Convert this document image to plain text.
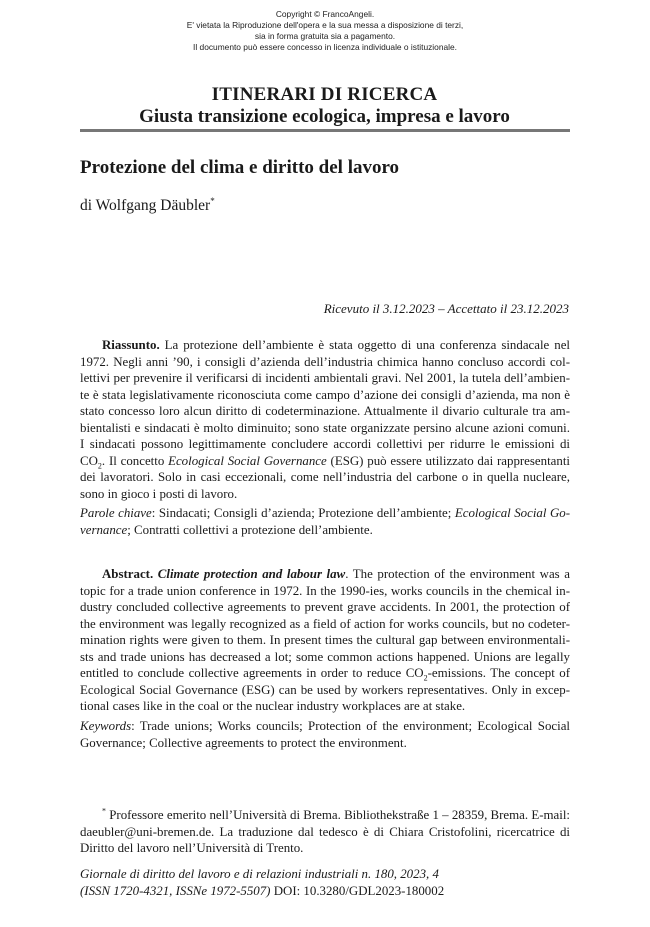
Copyright © FrancoAngeli.
E' vietata la Riproduzione dell'opera e la sua messa a disposizione di terzi,
sia in forma gratuita sia a pagamento.
Il documento può essere concesso in licenza individuale o istituzionale.
ITINERARI DI RICERCA
Giusta transizione ecologica, impresa e lavoro
Protezione del clima e diritto del lavoro
di Wolfgang Däubler*
Ricevuto il 3.12.2023 – Accettato il 23.12.2023
Riassunto. La protezione dell’ambiente è stata oggetto di una conferenza sindacale nel
1972. Negli anni ’90, i consigli d’azienda dell’industria chimica hanno concluso accordi col-
lettivi per prevenire il verificarsi di incidenti ambientali gravi. Nel 2001, la tutela dell’ambien-
te è stata legislativamente riconosciuta come campo d’azione dei consigli d’azienda, ma non è
stato concesso loro alcun diritto di codeterminazione. Attualmente il divario culturale tra am-
bientalisti e sindacati è molto diminuito; sono state organizzate persino alcune azioni comuni.
I sindacati possono legittimamente concludere accordi collettivi per ridurre le emissioni di
$CO_2$. Il concetto Ecological Social Governance (ESG) può essere utilizzato dai rappresentanti
dei lavoratori. Solo in casi eccezionali, come nell’industria del carbone o in quella nucleare,
sono in gioco i posti di lavoro.
Parole chiave: Sindacati; Consigli d’azienda; Protezione dell’ambiente; Ecological Social Go-
vernance; Contratti collettivi a protezione dell’ambiente.
Abstract. Climate protection and labour law. The protection of the environment was a
topic for a trade union conference in 1972. In the 1990-ies, works councils in the chemical in-
dustry concluded collective agreements to prevent grave accidents. In 2001, the protection of
the environment was legally recognized as a field of action for works councils, but no codeter-
mination rights were given to them. In present times the cultural gap between environmentali-
sts and trade unions has decreased a lot; some common actions happened. Unions are legally
entitled to conclude collective agreements in order to reduce $CO_2$-emissions. The concept of
Ecological Social Governance (ESG) can be used by workers representatives. Only in excep-
tional cases like in the coal or the nuclear industry workplaces are at stake.
Keywords: Trade unions; Works councils; Protection of the environment; Ecological Social
Governance; Collective agreements to protect the environment.
* Professore emerito nell’Università di Brema. Bibliothekstraße 1 – 28359, Brema. E-mail:
daeubler@uni-bremen.de. La traduzione dal tedesco è di Chiara Cristofolini, ricercatrice di
Diritto del lavoro nell’Università di Trento.
Giornale di diritto del lavoro e di relazioni industriali n. 180, 2023, 4
(ISSN 1720-4321, ISSNe 1972-5507) DOI: 10.3280/GDL2023-180002
